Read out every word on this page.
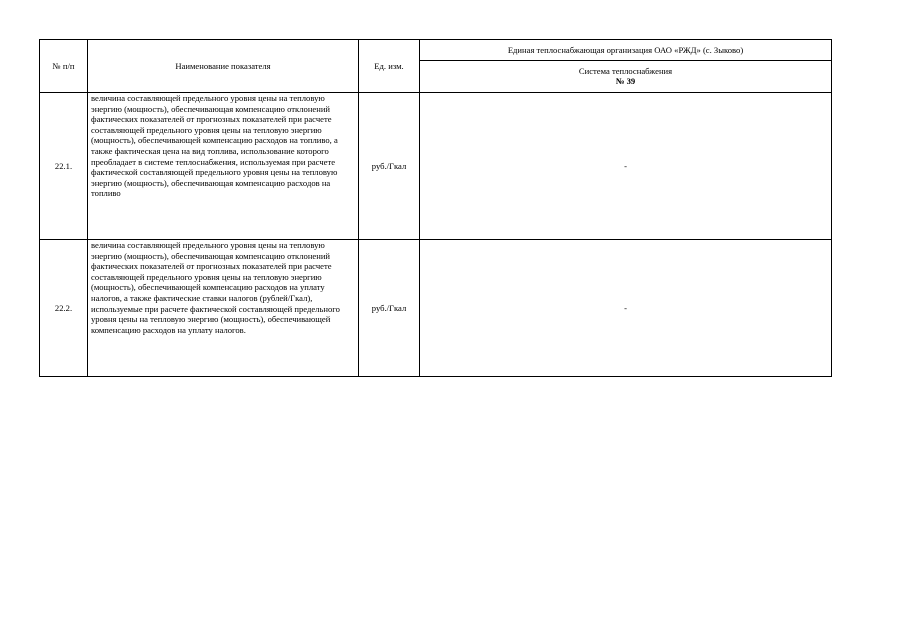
№ п/п	Наименование показателя	Ед. изм.	Единая теплоснабжающая организация ОАО «РЖД» (с. Зыково)
			Система теплоснабжения
№ 39

22.1.	величина составляющей предельного уровня цены на тепловую энергию (мощность), обеспечивающая компенсацию отклонений фактических показателей от прогнозных показателей при расчете составляющей предельного уровня цены на тепловую энергию (мощность), обеспечивающей компенсацию расходов на топливо, а также фактическая цена на вид топлива, использование которого преобладает в системе теплоснабжения, используемая при расчете фактической составляющей предельного уровня цены на тепловую энергию (мощность), обеспечивающая компенсацию расходов на топливо	руб./Гкал	-
22.2.	величина составляющей предельного уровня цены на тепловую энергию (мощность), обеспечивающая компенсацию отклонений фактических показателей от прогнозных показателей при расчете составляющей предельного уровня цены на тепловую энергию (мощность), обеспечивающей компенсацию расходов на уплату налогов, а также фактические ставки налогов (рублей/Гкал), используемые при расчете фактической составляющей предельного уровня цены на тепловую энергию (мощность), обеспечивающей компенсацию расходов на уплату налогов.	руб./Гкал	-
